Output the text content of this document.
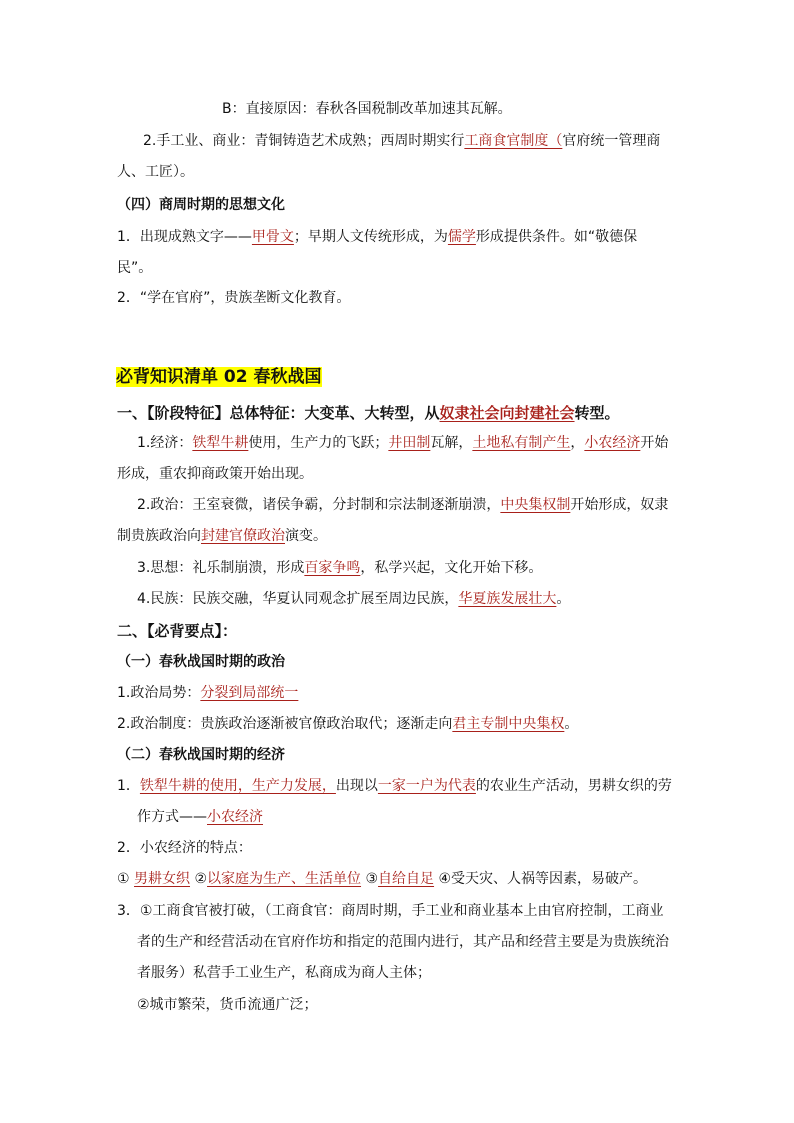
B：直接原因：春秋各国税制改革加速其瓦解。
2.手工业、商业：青铜铸造艺术成熟；西周时期实行工商食官制度（官府统一管理商
人、工匠）。
（四）商周时期的思想文化
1．出现成熟文字——甲骨文；早期人文传统形成，为儒学形成提供条件。如“敬德保
民”。
2．“学在官府”，贵族垄断文化教育。
必背知识清单 02 春秋战国
一、【阶段特征】总体特征：大变革、大转型，从奴隶社会向封建社会转型。
1.经济：铁犁牛耕使用，生产力的飞跃；井田制瓦解，土地私有制产生，小农经济开始
形成，重农抑商政策开始出现。
2.政治：王室衰微，诸侯争霸，分封制和宗法制逐渐崩溃，中央集权制开始形成，奴隶
制贵族政治向封建官僚政治演变。
3.思想：礼乐制崩溃，形成百家争鸣，私学兴起，文化开始下移。
4.民族：民族交融，华夏认同观念扩展至周边民族，华夏族发展壮大。
二、【必背要点】：
（一）春秋战国时期的政治
1.政治局势：分裂到局部统一
2.政治制度：贵族政治逐渐被官僚政治取代；逐渐走向君主专制中央集权。
（二）春秋战国时期的经济
1．铁犁牛耕的使用，生产力发展，出现以一家一户为代表的农业生产活动，男耕女织的劳
作方式——小农经济
2．小农经济的特点：
① 男耕女织 ②以家庭为生产、生活单位 ③自给自足 ④受天灾、人祸等因素，易破产。
3．①工商食官被打破，（工商食官：商周时期，手工业和商业基本上由官府控制，工商业
者的生产和经营活动在官府作坊和指定的范围内进行，其产品和经营主要是为贵族统治
者服务）私营手工业生产，私商成为商人主体；
②城市繁荣，货币流通广泛；
